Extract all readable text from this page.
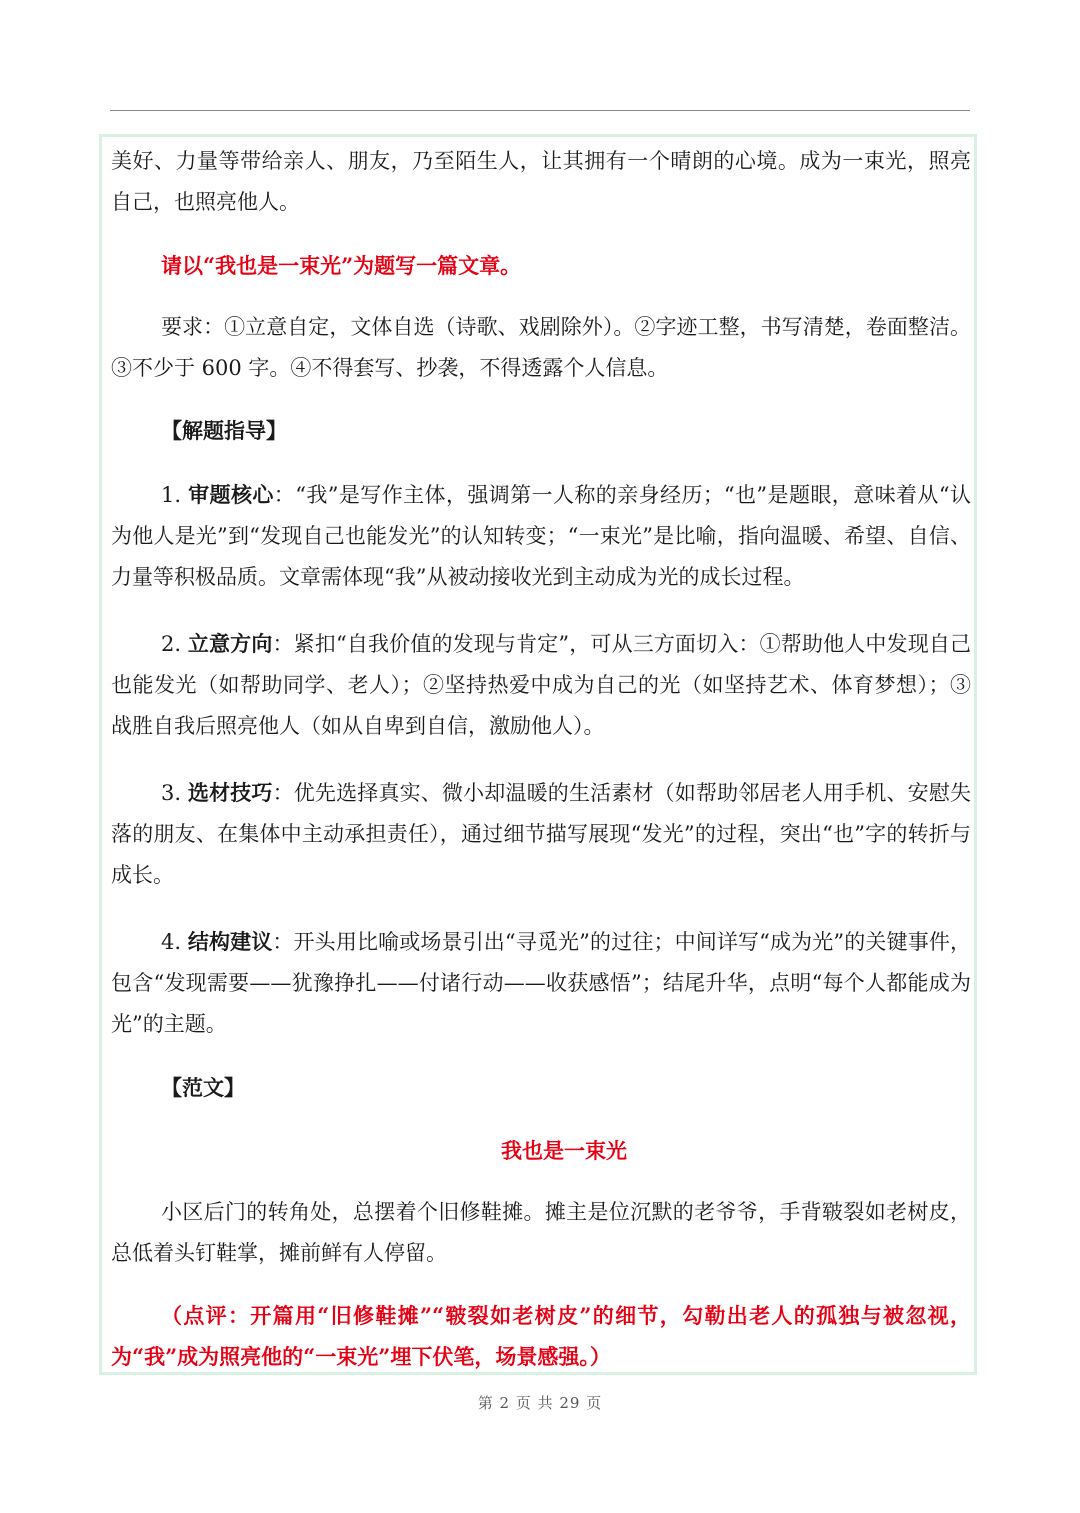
美好、力量等带给亲人、朋友，乃至陌生人，让其拥有一个晴朗的心境。成为一束光，照亮自己，也照亮他人。

请以“我也是一束光”为题写一篇文章。

要求：①立意自定，文体自选（诗歌、戏剧除外）。②字迹工整，书写清楚，卷面整洁。③不少于 600 字。④不得套写、抄袭，不得透露个人信息。

【解题指导】

1. 审题核心：“我”是写作主体，强调第一人称的亲身经历；“也”是题眼，意味着从“认为他人是光”到“发现自己也能发光”的认知转变；“一束光”是比喻，指向温暖、希望、自信、力量等积极品质。文章需体现“我”从被动接收光到主动成为光的成长过程。

2. 立意方向：紧扣“自我价值的发现与肯定”，可从三方面切入：①帮助他人中发现自己也能发光（如帮助同学、老人）；②坚持热爱中成为自己的光（如坚持艺术、体育梦想）；③战胜自我后照亮他人（如从自卑到自信，激励他人）。

3. 选材技巧：优先选择真实、微小却温暖的生活素材（如帮助邻居老人用手机、安慰失落的朋友、在集体中主动承担责任），通过细节描写展现“发光”的过程，突出“也”字的转折与成长。

4. 结构建议：开头用比喻或场景引出“寻觅光”的过往；中间详写“成为光”的关键事件，包含“发现需要——犹豫挣扎——付诸行动——收获感悟”；结尾升华，点明“每个人都能成为光”的主题。

【范文】

我也是一束光

小区后门的转角处，总摆着个旧修鞋摊。摊主是位沉默的老爷爷，手背皲裂如老树皮，总低着头钉鞋掌，摊前鲜有人停留。

（点评：开篇用“旧修鞋摊”“皲裂如老树皮”的细节，勾勒出老人的孤独与被忽视，为“我”成为照亮他的“一束光”埋下伏笔，场景感强。）

第 2 页 共 29 页
